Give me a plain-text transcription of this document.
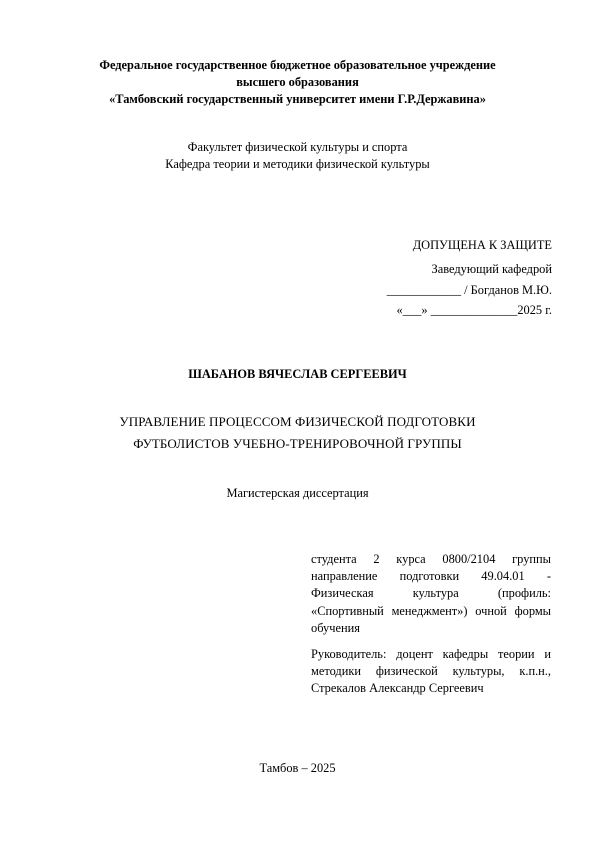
Федеральное государственное бюджетное образовательное учреждение
высшего образования
«Тамбовский государственный университет имени Г.Р.Державина»
Факультет физической культуры и спорта
Кафедра теории и методики физической культуры
ДОПУЩЕНА К ЗАЩИТЕ
Заведующий кафедрой
____________ / Богданов М.Ю.
«___» ______________2025 г.
ШАБАНОВ ВЯЧЕСЛАВ СЕРГЕЕВИЧ
УПРАВЛЕНИЕ ПРОЦЕССОМ ФИЗИЧЕСКОЙ ПОДГОТОВКИ
ФУТБОЛИСТОВ УЧЕБНО-ТРЕНИРОВОЧНОЙ ГРУППЫ
Магистерская диссертация
студента 2 курса 0800/2104 группы направление подготовки 49.04.01 - Физическая культура (профиль: «Спортивный менеджмент») очной формы обучения
Руководитель: доцент кафедры теории и методики физической культуры, к.п.н., Стрекалов Александр Сергеевич
Тамбов – 2025
